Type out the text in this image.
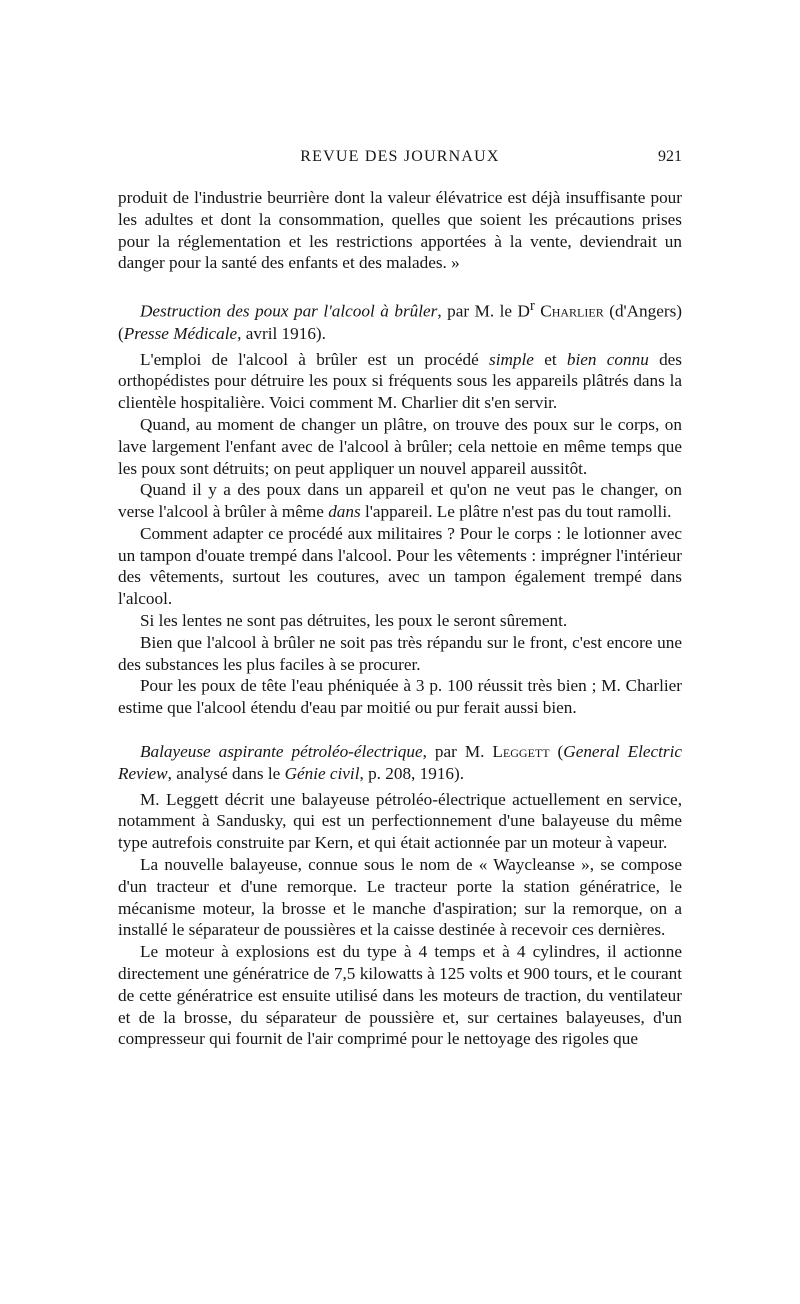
REVUE DES JOURNAUX	921

produit de l'industrie beurrière dont la valeur élévatrice est déjà insuffisante pour les adultes et dont la consommation, quelles que soient les précautions prises pour la réglementation et les restrictions apportées à la vente, deviendrait un danger pour la santé des enfants et des malades. »

Destruction des poux par l'alcool à brûler, par M. le $D^r$ Charlier (d'Angers) (Presse Médicale, avril 1916).

L'emploi de l'alcool à brûler est un procédé simple et bien connu des orthopédistes pour détruire les poux si fréquents sous les appareils plâtrés dans la clientèle hospitalière. Voici comment M. Charlier dit s'en servir.

Quand, au moment de changer un plâtre, on trouve des poux sur le corps, on lave largement l'enfant avec de l'alcool à brûler; cela nettoie en même temps que les poux sont détruits; on peut appliquer un nouvel appareil aussitôt.

Quand il y a des poux dans un appareil et qu'on ne veut pas le changer, on verse l'alcool à brûler à même dans l'appareil. Le plâtre n'est pas du tout ramolli.

Comment adapter ce procédé aux militaires ? Pour le corps : le lotionner avec un tampon d'ouate trempé dans l'alcool. Pour les vêtements : imprégner l'intérieur des vêtements, surtout les coutures, avec un tampon également trempé dans l'alcool.

Si les lentes ne sont pas détruites, les poux le seront sûrement.

Bien que l'alcool à brûler ne soit pas très répandu sur le front, c'est encore une des substances les plus faciles à se procurer.

Pour les poux de tête l'eau phéniquée à 3 p. 100 réussit très bien ; M. Charlier estime que l'alcool étendu d'eau par moitié ou pur ferait aussi bien.

Balayeuse aspirante pétroléo-électrique, par M. Leggett (General Electric Review, analysé dans le Génie civil, p. 208, 1916).

M. Leggett décrit une balayeuse pétroléo-électrique actuellement en service, notamment à Sandusky, qui est un perfectionnement d'une balayeuse du même type autrefois construite par Kern, et qui était actionnée par un moteur à vapeur.

La nouvelle balayeuse, connue sous le nom de « Waycleanse », se compose d'un tracteur et d'une remorque. Le tracteur porte la station génératrice, le mécanisme moteur, la brosse et le manche d'aspiration; sur la remorque, on a installé le séparateur de poussières et la caisse destinée à recevoir ces dernières.

Le moteur à explosions est du type à 4 temps et à 4 cylindres, il actionne directement une génératrice de 7,5 kilowatts à 125 volts et 900 tours, et le courant de cette génératrice est ensuite utilisé dans les moteurs de traction, du ventilateur et de la brosse, du séparateur de poussière et, sur certaines balayeuses, d'un compresseur qui fournit de l'air comprimé pour le nettoyage des rigoles que
